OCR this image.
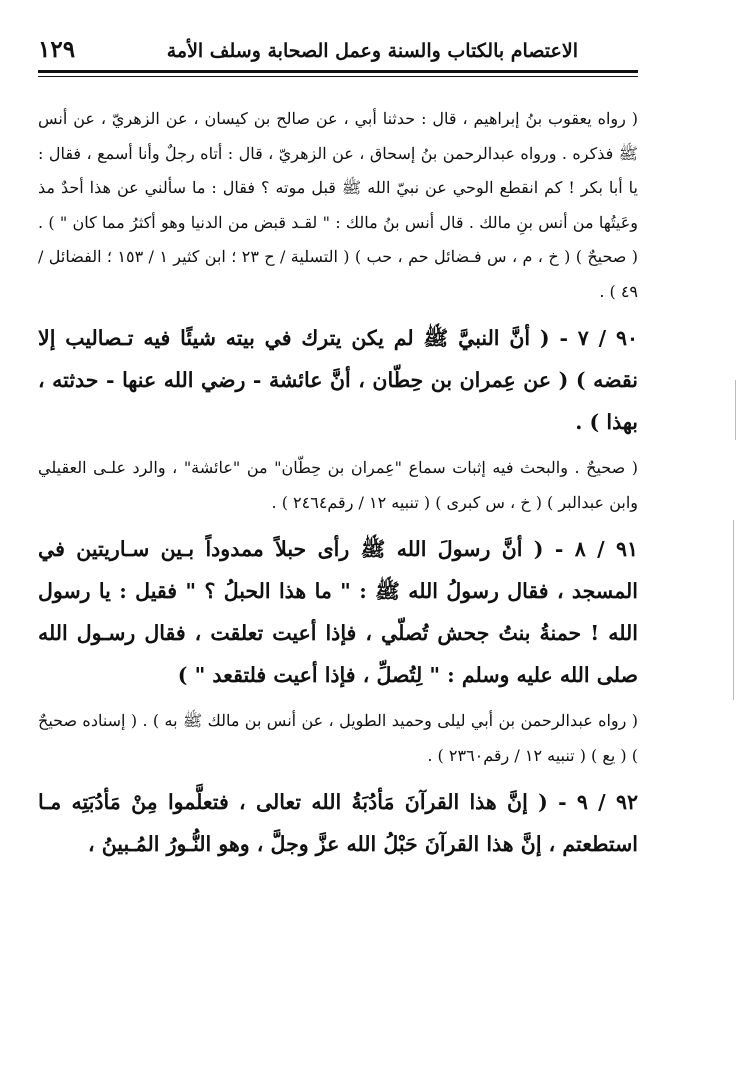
الاعتصام بالكتاب والسنة وعمل الصحابة وسلف الأمة
١٢٩

( رواه يعقوب بنُ إبراهيم ، قال : حدثنا أبي ، عن صالح بن كيسان ، عن الزهريّ ، عن أنس ﷺ فذكره . ورواه عبدالرحمن بنُ إسحاق ، عن الزهريّ ، قال : أتاه رجلٌ وأنا أسمع ، فقال : يا أبا بكر ! كم انقطع الوحي عن نبيّ الله ﷺ قبل موته ؟ فقال : ما سألني عن هذا أحدٌ مذ وعَيتُها من أنس بنِ مالك . قال أنس بنُ مالك : " لقـد قبض من الدنيا وهو أكثرُ مما كان " ) . ( صحيحٌ ) ( خ ، م ، س فـضائل حم ، حب ) ( التسلية / ح ٢٣ ؛ ابن كثير ١ / ١٥٣ ؛ الفضائل / ٤٩ ) .

٩٠ / ٧ - ( أنَّ النبيَّ ﷺ لم يكن يترك في بيته شيئًا فيه تـصاليب إلا نقضه ) ( عن عِمران بن حِطّان ، أنَّ عائشة - رضي الله عنها - حدثته ، بهذا ) .

( صحيحٌ . والبحث فيه إثبات سماع "عِمران بن حِطّان" من "عائشة" ، والرد علـى العقيلي وابن عبدالبر ) ( خ ، س كبرى ) ( تنبيه ١٢ / رقم٢٤٦٤ ) .

٩١ / ٨ - ( أنَّ رسولَ الله ﷺ رأى حبلاً ممدوداً بـين سـاريتين في المسجد ، فقال رسولُ الله ﷺ : " ما هذا الحبلُ ؟ " فقيل : يا رسول الله ! حمنةُ بنتُ جحش تُصلّي ، فإذا أعيت تعلقت ، فقال رسـول الله صلى الله عليه وسلم : " لِتُصلِّ ، فإذا أعيت فلتقعد " )

( رواه عبدالرحمن بن أبي ليلى وحميد الطويل ، عن أنس بن مالك ﷺ به ) . ( إسناده صحيحٌ ) ( يع ) ( تنبيه ١٢ / رقم٢٣٦٠ ) .

٩٢ / ٩ - ( إنَّ هذا القرآنَ مَأدُبَةُ الله تعالى ، فتعلَّموا مِنْ مَأدُبَتِه مـا استطعتم ، إنَّ هذا القرآنَ حَبْلُ الله عزَّ وجلَّ ، وهو النُّـورُ المُـبينُ ،
